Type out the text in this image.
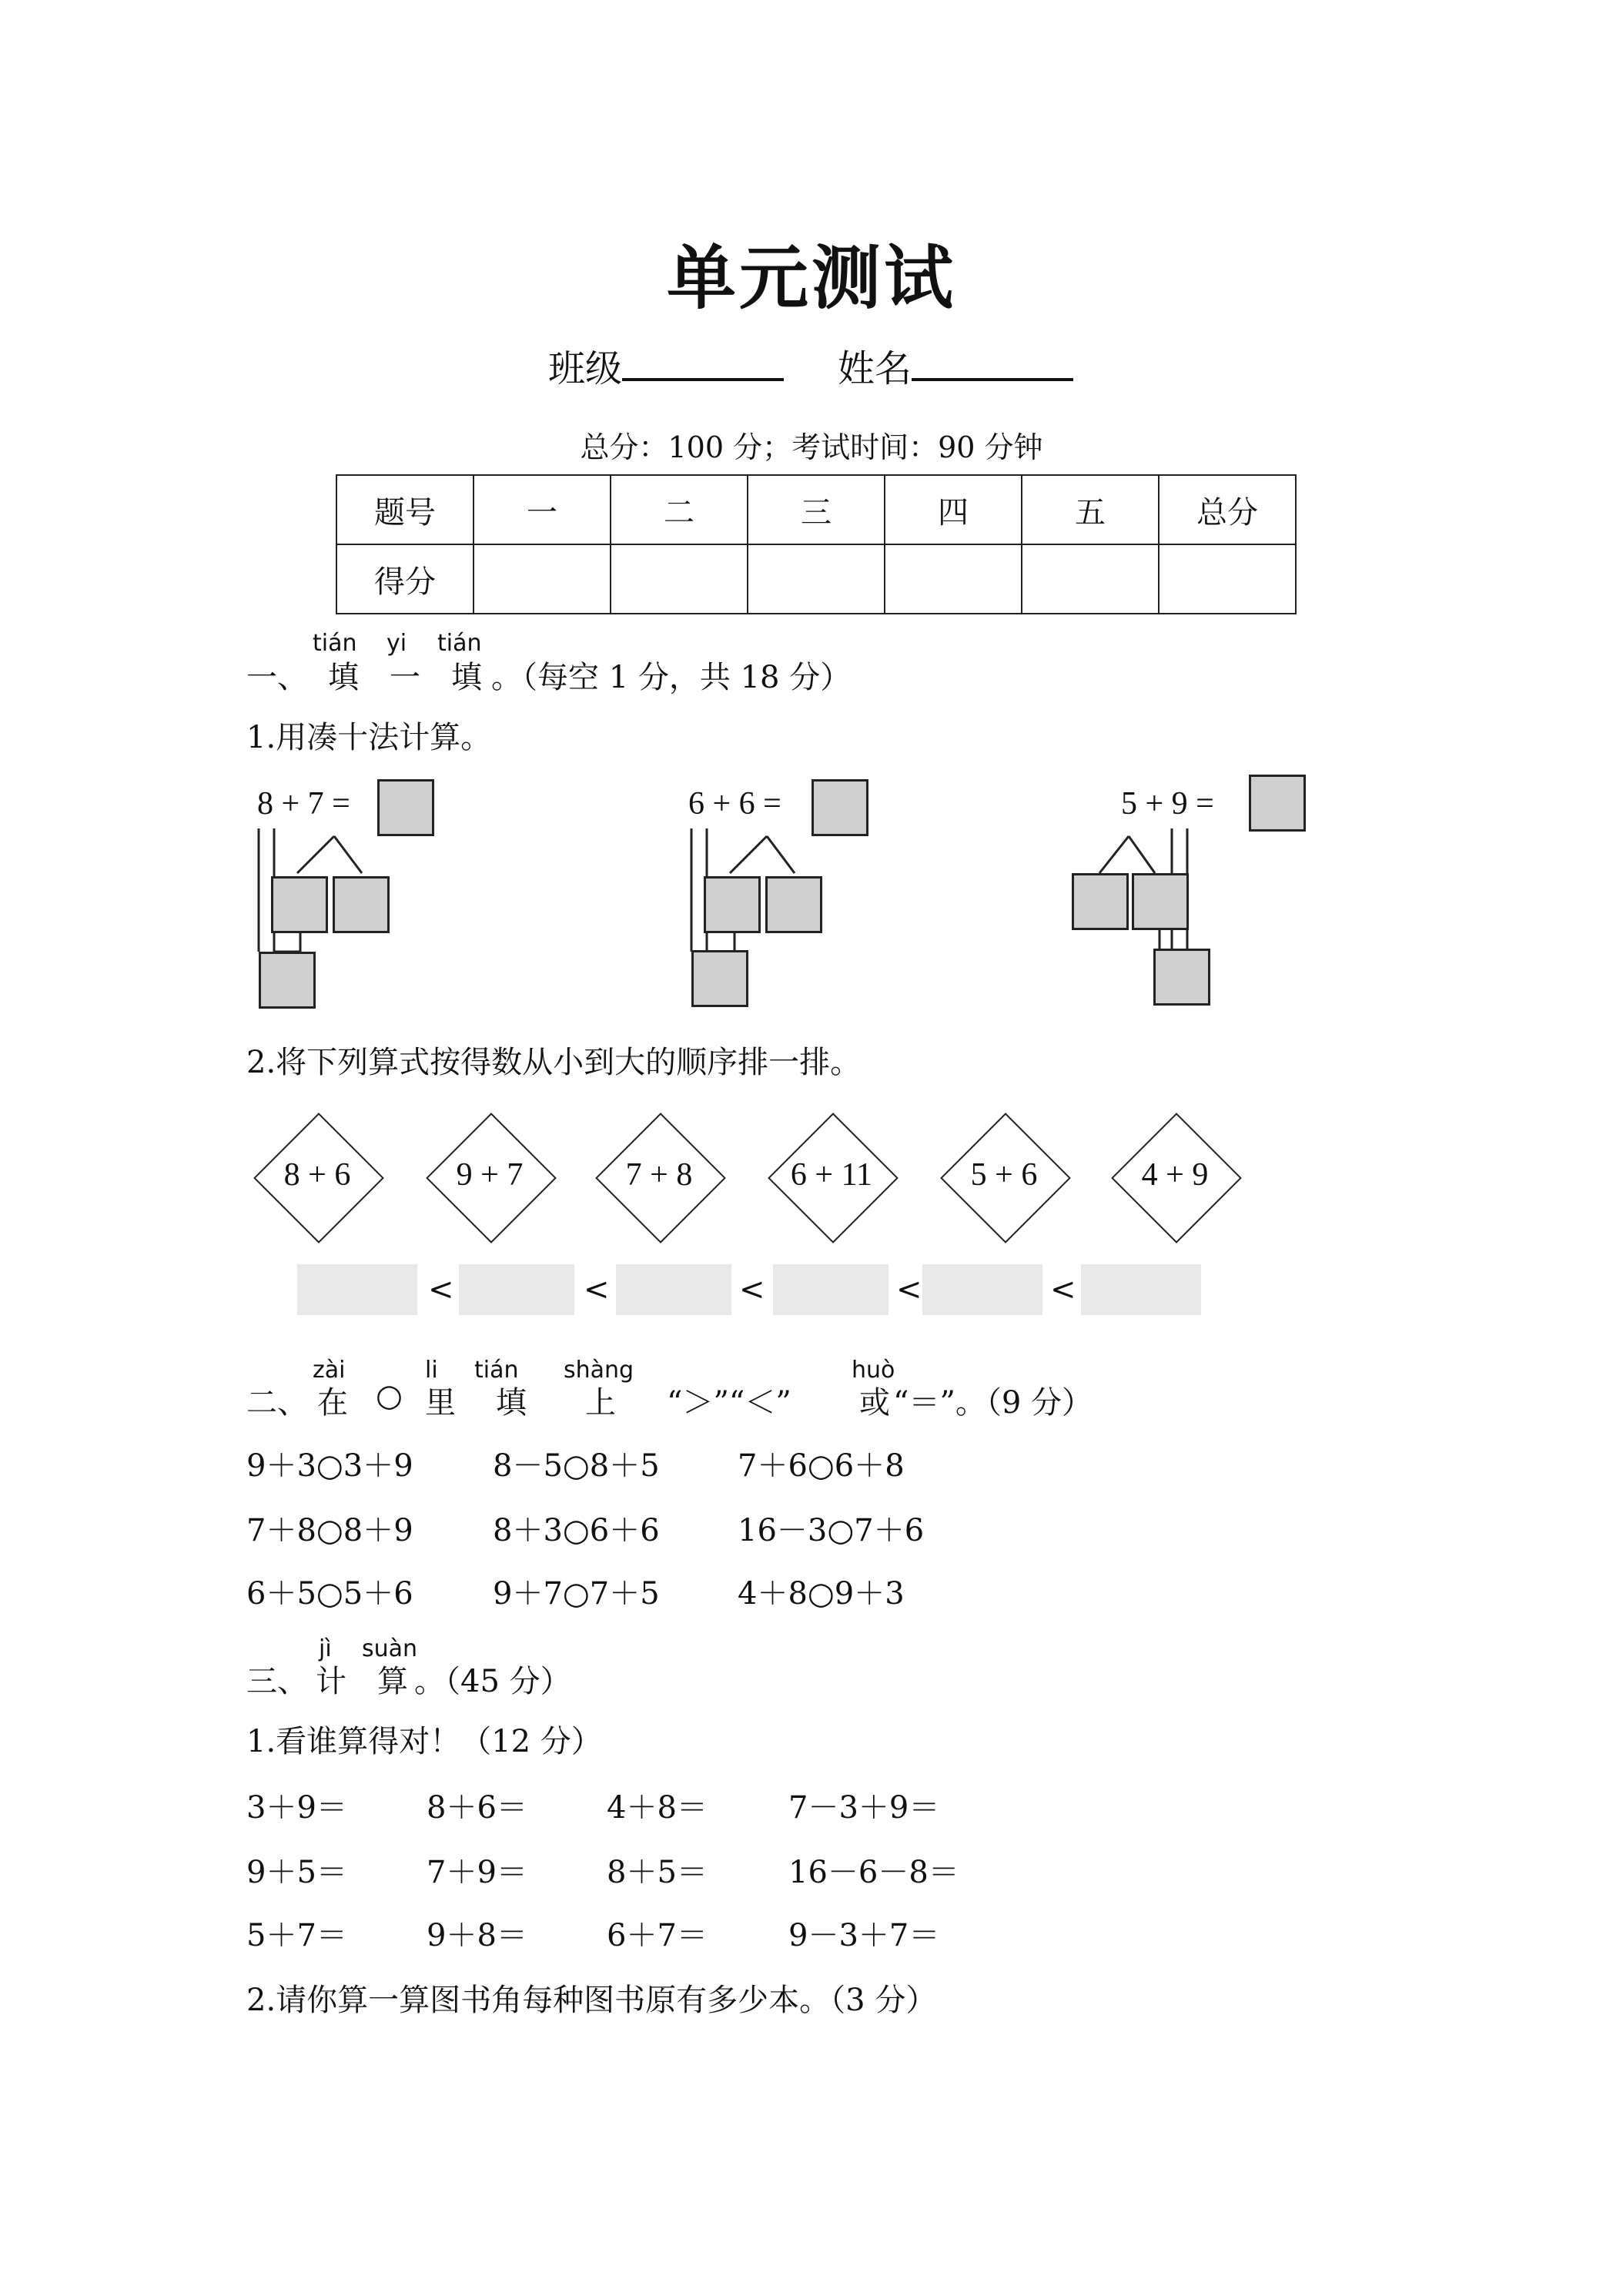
单元测试
班级	姓名
总分：100 分；考试时间：90 分钟
题号	一	二	三	四	五	总分
得分						
tián yi tián
一、 填 一 填 。（每空 1 分，共 18 分）
1.用凑十法计算。
8 + 7 =	6 + 6 =	5 + 9 =
2.将下列算式按得数从小到大的顺序排一排。
8 + 6	9 + 7	7 + 8	6 + 11	5 + 6	4 + 9
<	<	<	<	<
zài	li tián shàng	huò
二、 在 ○ 里 填 上 “＞”“＜” 或 “＝”。（9 分）
9＋3○3＋9	8－5○8＋5	7＋6○6＋8
7＋8○8＋9	8＋3○6＋6	16－3○7＋6
6＋5○5＋6	9＋7○7＋5	4＋8○9＋3
jì suàn
三、 计 算 。（45 分）
1.看谁算得对！（12 分）
3＋9＝	8＋6＝	4＋8＝	7－3＋9＝
9＋5＝	7＋9＝	8＋5＝	16－6－8＝
5＋7＝	9＋8＝	6＋7＝	9－3＋7＝
2.请你算一算图书角每种图书原有多少本。（3 分）
